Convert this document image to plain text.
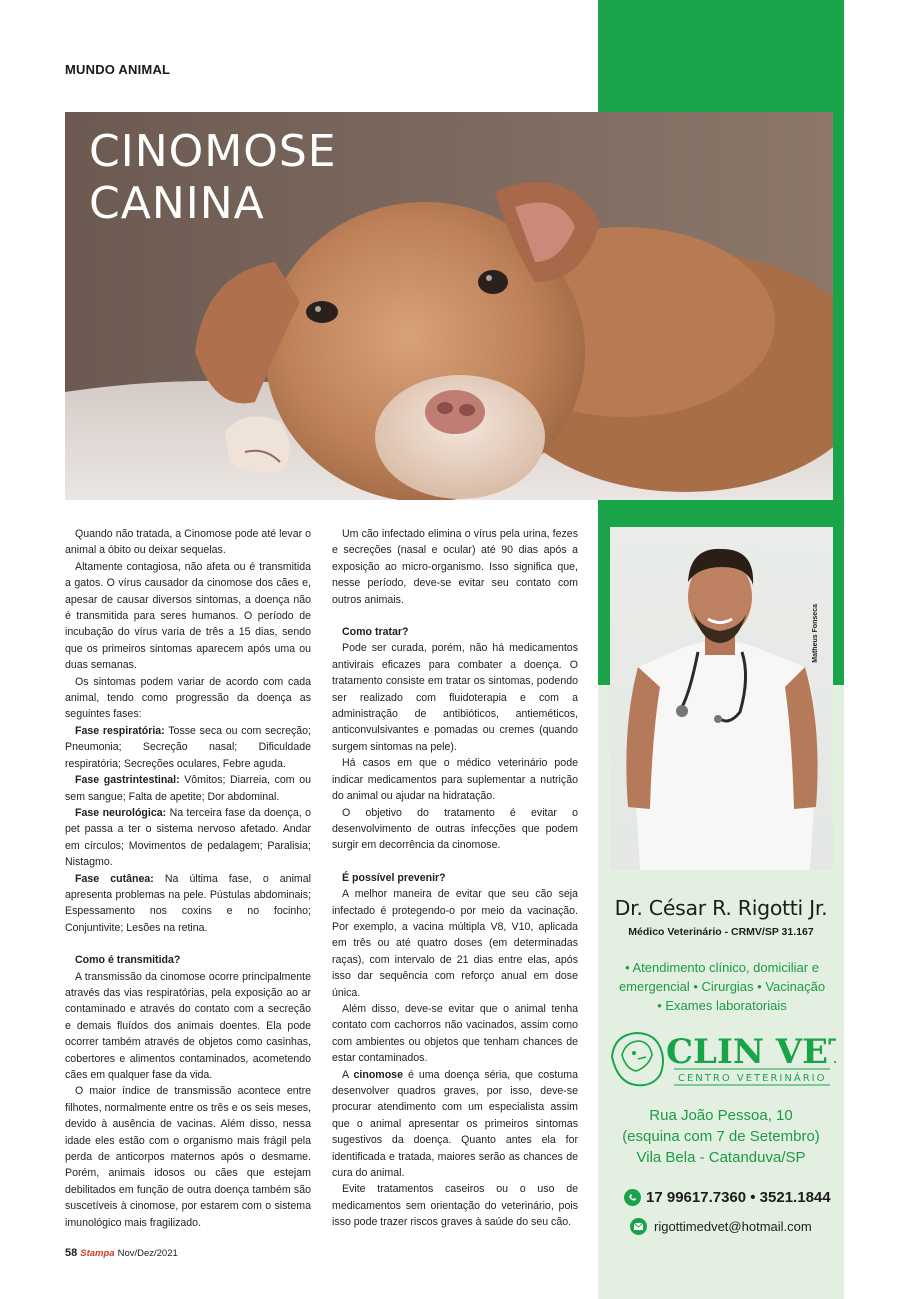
MUNDO ANIMAL
CINOMOSE
CANINA

Quando não tratada, a Cinomose pode até levar o animal a óbito ou deixar sequelas.

Altamente contagiosa, não afeta ou é transmitida a gatos. O vírus causador da cinomose dos cães e, apesar de causar diversos sintomas, a doença não é transmitida para seres humanos. O período de incubação do vírus varia de três a 15 dias, sendo que os primeiros sintomas aparecem após uma ou duas semanas.

Os sintomas podem variar de acordo com cada animal, tendo como progressão da doença as seguintes fases:

Fase respiratória: Tosse seca ou com secreção; Pneumonia; Secreção nasal; Dificuldade respiratória; Secreções oculares, Febre aguda.

Fase gastrintestinal: Vômitos; Diarreia, com ou sem sangue; Falta de apetite; Dor abdominal.

Fase neurológica: Na terceira fase da doença, o pet passa a ter o sistema nervoso afetado. Andar em círculos; Movimentos de pedalagem; Paralisia; Nistagmo.

Fase cutânea: Na última fase, o animal apresenta problemas na pele. Pústulas abdominais; Espessamento nos coxins e no focinho; Conjuntivite; Lesões na retina.

Como é transmitida?

A transmissão da cinomose ocorre principalmente através das vias respiratórias, pela exposição ao ar contaminado e através do contato com a secreção e demais fluídos dos animais doentes. Ela pode ocorrer também através de objetos como casinhas, cobertores e alimentos contaminados, acometendo cães em qualquer fase da vida.

O maior índice de transmissão acontece entre filhotes, normalmente entre os três e os seis meses, devido à ausência de vacinas. Além disso, nessa idade eles estão com o organismo mais frágil pela perda de anticorpos maternos após o desmame. Porém, animais idosos ou cães que estejam debilitados em função de outra doença também são suscetíveis à cinomose, por estarem com o sistema imunológico mais fragilizado.

Um cão infectado elimina o vírus pela urina, fezes e secreções (nasal e ocular) até 90 dias após a exposição ao micro-organismo. Isso significa que, nesse período, deve-se evitar seu contato com outros animais.

Como tratar?

Pode ser curada, porém, não há medicamentos antivirais eficazes para combater a doença. O tratamento consiste em tratar os sintomas, podendo ser realizado com fluidoterapia e com a administração de antibióticos, antieméticos, anticonvulsivantes e pomadas ou cremes (quando surgem sintomas na pele).

Há casos em que o médico veterinário pode indicar medicamentos para suplementar a nutrição do animal ou ajudar na hidratação.

O objetivo do tratamento é evitar o desenvolvimento de outras infecções que podem surgir em decorrência da cinomose.

É possível prevenir?

A melhor maneira de evitar que seu cão seja infectado é protegendo-o por meio da vacinação. Por exemplo, a vacina múltipla V8, V10, aplicada em três ou até quatro doses (em determinadas raças), com intervalo de 21 dias entre elas, após isso dar sequência com reforço anual em dose única.

Além disso, deve-se evitar que o animal tenha contato com cachorros não vacinados, assim como com ambientes ou objetos que tenham chances de estar contaminados.

A cinomose é uma doença séria, que costuma desenvolver quadros graves, por isso, deve-se procurar atendimento com um especialista assim que o animal apresentar os primeiros sintomas sugestivos da doença. Quanto antes ela for identificada e tratada, maiores serão as chances de cura do animal.

Evite tratamentos caseiros ou o uso de medicamentos sem orientação do veterinário, pois isso pode trazer riscos graves à saúde do seu cão.

Matheus Fonseca
Dr. César R. Rigotti Jr.
Médico Veterinário - CRMV/SP 31.167
• Atendimento clínico, domiciliar e
emergencial • Cirurgias • Vacinação
• Exames laboratoriais
CLIN VET
CENTRO VETERINÁRIO
Rua João Pessoa, 10
(esquina com 7 de Setembro)
Vila Bela - Catanduva/SP
17 99617.7360 • 3521.1844
rigottimedvet@hotmail.com
58 Stampa Nov/Dez/2021
